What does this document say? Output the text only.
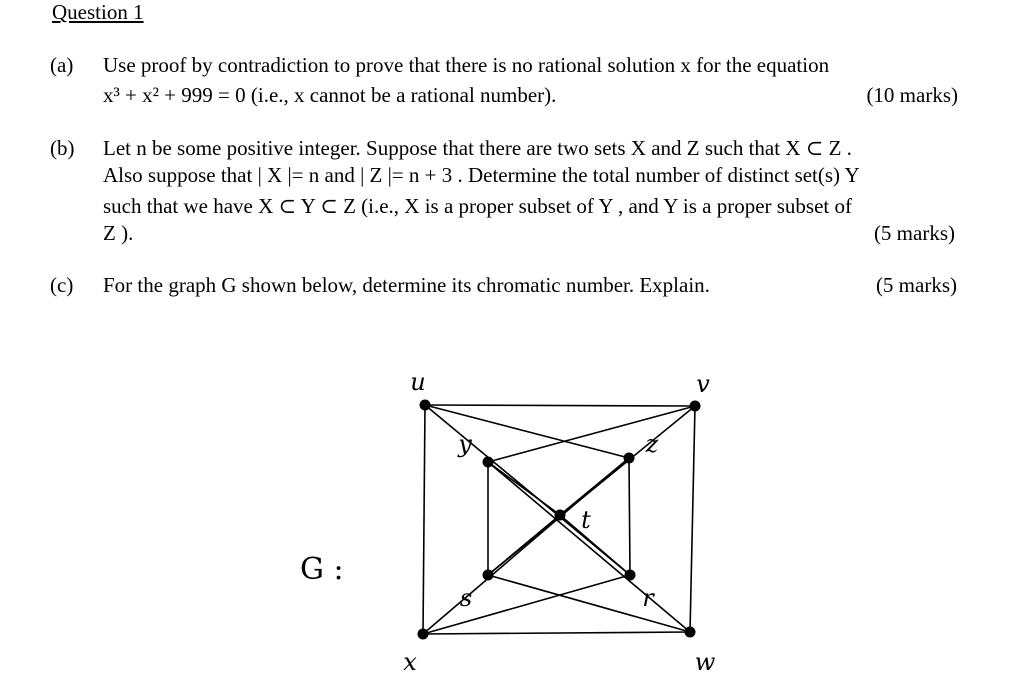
Question 1
(a) Use proof by contradiction to prove that there is no rational solution x for the equation
x³ + x² + 999 = 0 (i.e., x cannot be a rational number).	(10 marks)
(b) Let n be some positive integer. Suppose that there are two sets X and Z such that X ⊂ Z .
Also suppose that | X |= n and | Z |= n + 3 . Determine the total number of distinct set(s) Y
such that we have X ⊂ Y ⊂ Z (i.e., X is a proper subset of Y , and Y is a proper subset of
Z ).	(5 marks)
(c) For the graph G shown below, determine its chromatic number. Explain.	(5 marks)
G :
u	v
y	z
t
s	r
x	w
